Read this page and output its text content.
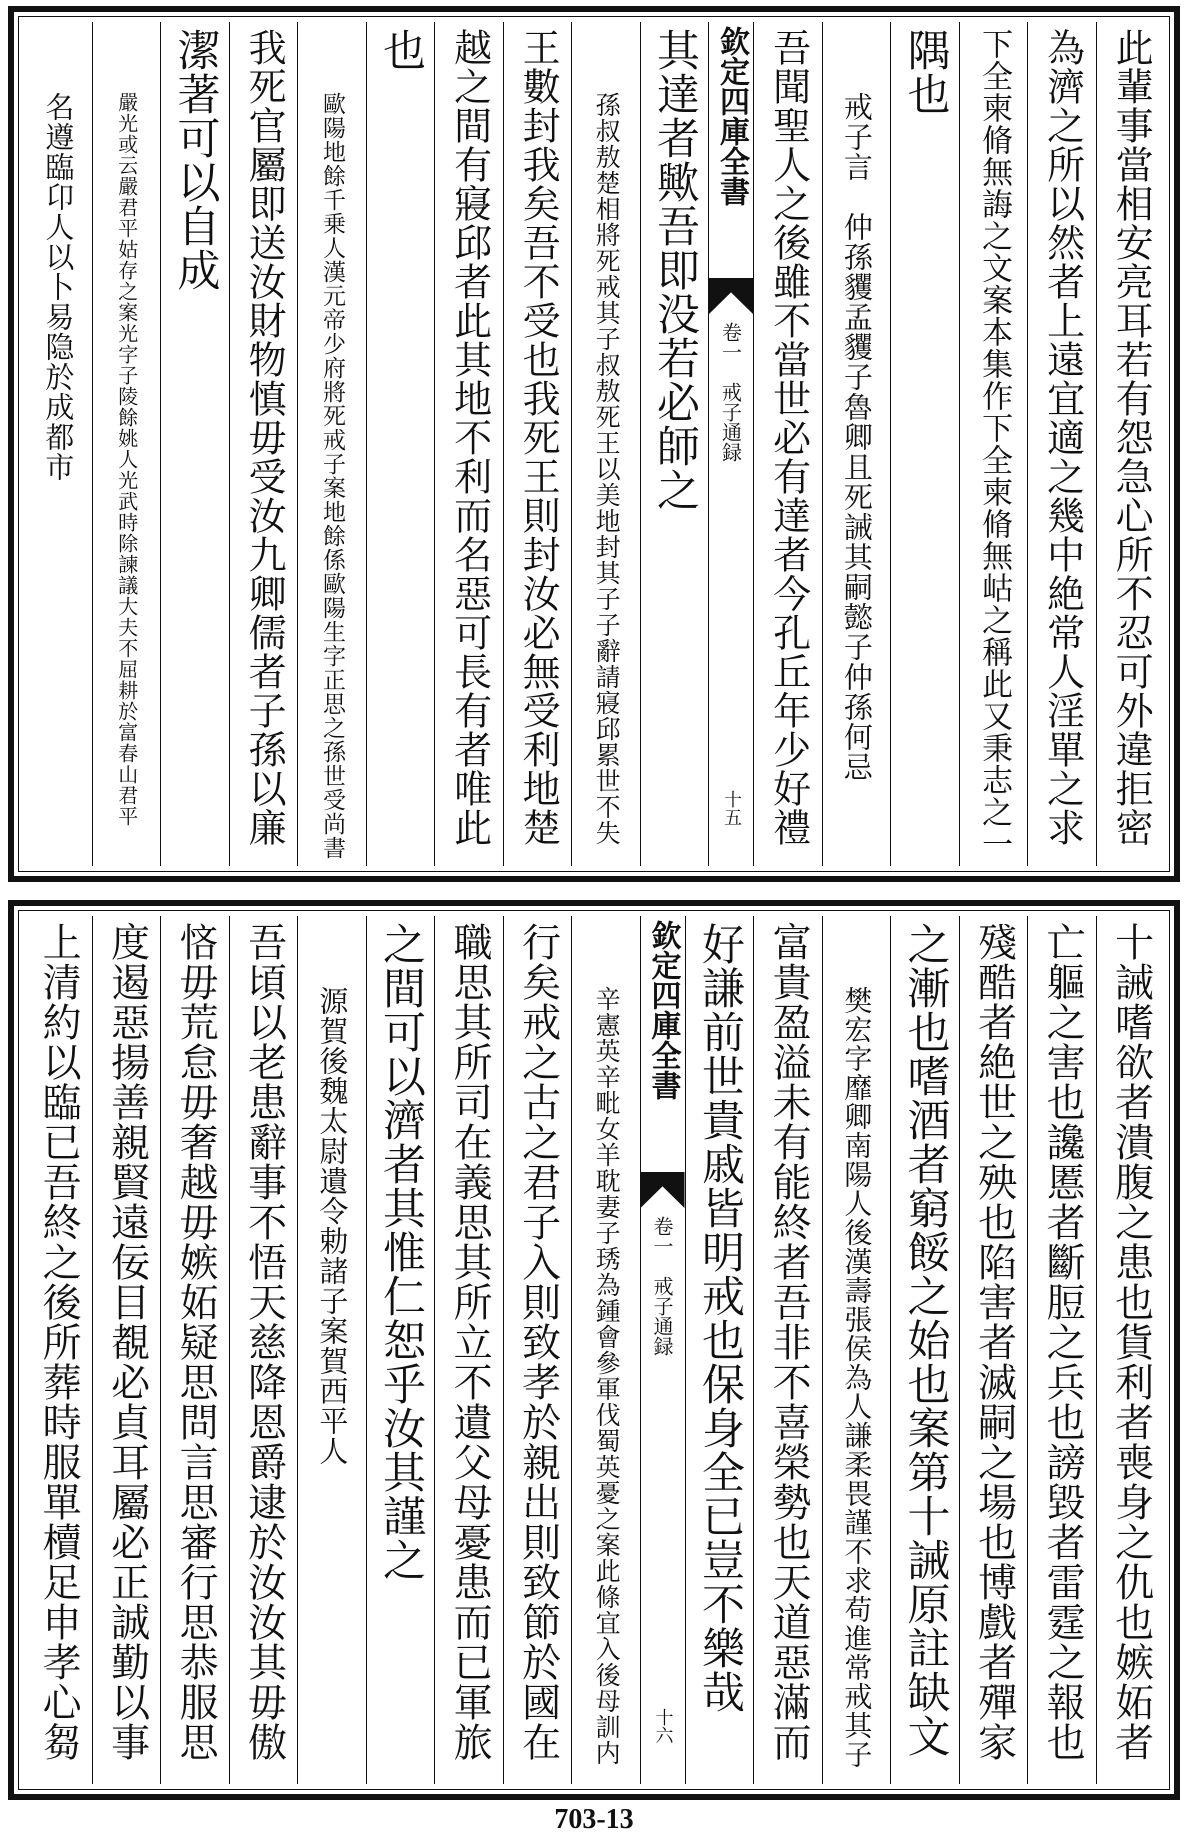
此輩事當相安亮耳若有怨急心所不忍可外違拒密
為濟之所以然者上遠宜適之幾中絶常人淫單之求
下全柬脩無誨之文案本集作下全柬脩無岵之稱此又秉志之一
隅也
戒子言　仲孫貜孟貜子魯卿且死誡其嗣懿子仲孫何忌
吾聞聖人之後雖不當世必有達者今孔丘年少好禮
欽定四庫全書
卷一　戒子通録
十五
其達者歟吾即没若必師之
孫叔敖楚相將死戒其子叔敖死王以美地封其子子辭請寢邱累世不失
王數封我矣吾不受也我死王則封汝必無受利地楚
越之間有寢邱者此其地不利而名惡可長有者唯此
也
歐陽地餘千乗人漢元帝少府將死戒子案地餘係歐陽生字正思之孫世受尚書
我死官屬即送汝財物慎毋受汝九卿儒者子孫以廉
潔著可以自成
嚴光或云嚴君平姑存之案光字子陵餘姚人光武時除諫議大夫不屈耕於富春山君平
名遵臨卬人以卜易隐於成都市
十誡嗜欲者潰腹之患也貨利者喪身之仇也嫉妬者
亡軀之害也讒慝者斷脰之兵也謗毀者雷霆之報也
殘酷者絶世之殃也陷害者滅嗣之場也博戲者殫家
之漸也嗜酒者窮餒之始也案第十誡原註缺文
樊宏字靡卿南陽人後漢壽張侯為人謙柔畏謹不求苟進常戒其子
富貴盈溢未有能終者吾非不喜榮勢也天道惡滿而
好謙前世貴戚皆明戒也保身全已豈不樂哉
欽定四庫全書
卷一　戒子通録
十六
辛憲英辛毗女羊耽妻子琇為鍾會參軍伐蜀英憂之案此條宜入後母訓内
行矣戒之古之君子入則致孝於親出則致節於國在
職思其所司在義思其所立不遺父母憂患而已軍旅
之間可以濟者其惟仁恕乎汝其謹之
源賀後魏太尉遺令勅諸子案賀西平人
吾頃以老患辭事不悟天慈降恩爵逮於汝汝其毋傲
悋毋荒怠毋奢越毋嫉妬疑思問言思審行思恭服思
度遏惡揚善親賢遠佞目覩必貞耳屬必正誠勤以事
上清約以臨已吾終之後所葬時服單櫝足申孝心芻
703-13
